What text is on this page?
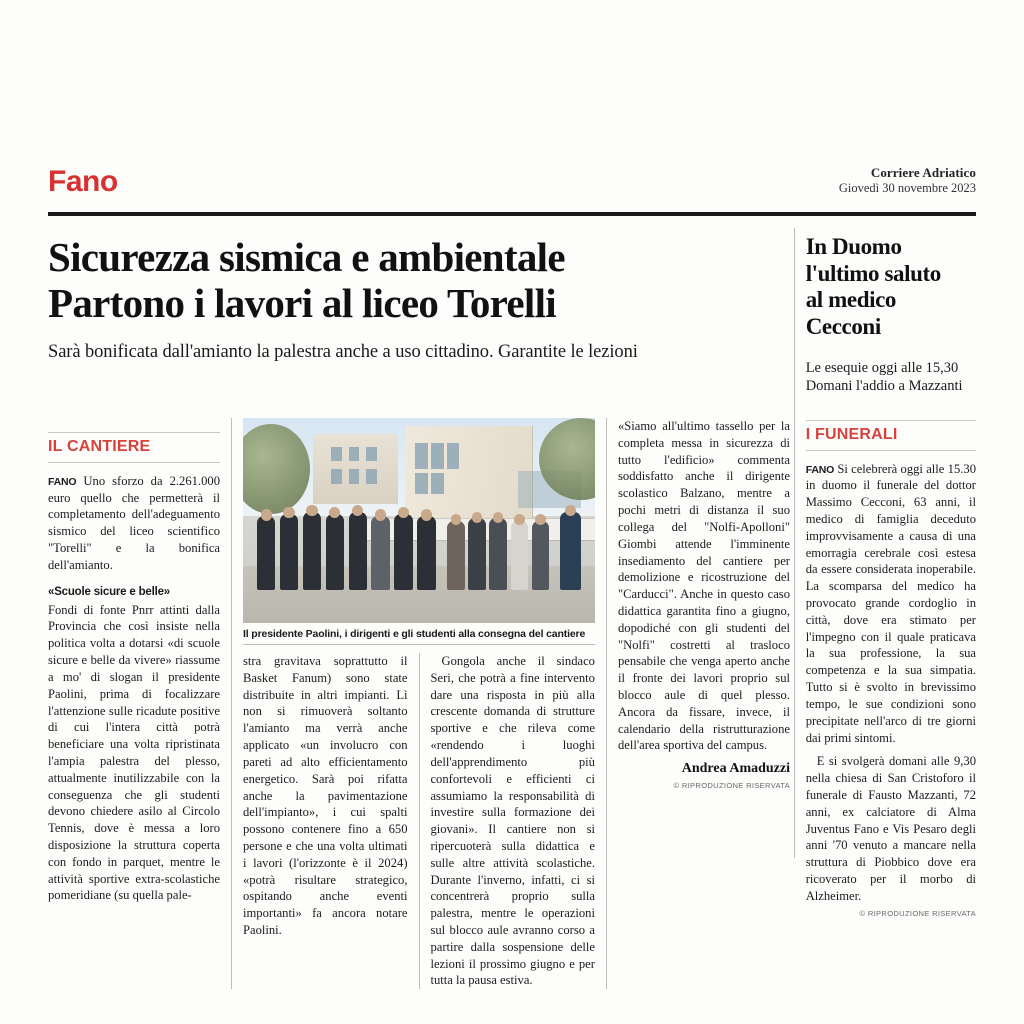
Fano	Corriere Adriatico
Giovedì 30 novembre 2023
Sicurezza sismica e ambientale
Partono i lavori al liceo Torelli
Sarà bonificata dall'amianto la palestra anche a uso cittadino. Garantite le lezioni
IL CANTIERE

FANO Uno sforzo da 2.261.000 euro quello che permetterà il completamento dell'adeguamento sismico del liceo scientifico "Torelli" e la bonifica dell'amianto.

«Scuole sicure e belle»

Fondi di fonte Pnrr attinti dalla Provincia che così insiste nella politica volta a dotarsi «di scuole sicure e belle da vivere» riassume a mo' di slogan il presidente Paolini, prima di focalizzare l'attenzione sulle ricadute positive di cui l'intera città potrà beneficiare una volta ripristinata l'ampia palestra del plesso, attualmente inutilizzabile con la conseguenza che gli studenti devono chiedere asilo al Circolo Tennis, dove è messa a loro disposizione la struttura coperta con fondo in parquet, mentre le attività sportive extra-scolastiche pomeridiane (su quella pale-

Il presidente Paolini, i dirigenti e gli studenti alla consegna del cantiere

stra gravitava soprattutto il Basket Fanum) sono state distribuite in altri impianti. Lì non si rimuoverà soltanto l'amianto ma verrà anche applicato «un involucro con pareti ad alto efficientamento energetico. Sarà poi rifatta anche la pavimentazione dell'impianto», i cui spalti possono contenere fino a 650 persone e che una volta ultimati i lavori (l'orizzonte è il 2024) «potrà risultare strategico, ospitando anche eventi importanti» fa ancora notare Paolini.

Gongola anche il sindaco Seri, che potrà a fine intervento dare una risposta in più alla crescente domanda di strutture sportive e che rileva come «rendendo i luoghi dell'apprendimento più confortevoli e efficienti ci assumiamo la responsabilità di investire sulla formazione dei giovani». Il cantiere non si ripercuoterà sulla didattica e sulle altre attività scolastiche. Durante l'inverno, infatti, ci si concentrerà proprio sulla palestra, mentre le operazioni sul blocco aule avranno corso a partire dalla sospensione delle lezioni il prossimo giugno e per tutta la pausa estiva.

«Siamo all'ultimo tassello per la completa messa in sicurezza di tutto l'edificio» commenta soddisfatto anche il dirigente scolastico Balzano, mentre a pochi metri di distanza il suo collega del "Nolfi-Apolloni" Giombi attende l'imminente insediamento del cantiere per demolizione e ricostruzione del "Carducci". Anche in questo caso didattica garantita fino a giugno, dopodiché con gli studenti del "Nolfi" costretti al trasloco pensabile che venga aperto anche il fronte dei lavori proprio sul blocco aule di quel plesso. Ancora da fissare, invece, il calendario della ristrutturazione dell'area sportiva del campus.

Andrea Amaduzzi
© RIPRODUZIONE RISERVATA
In Duomo
l'ultimo saluto
al medico
Cecconi
Le esequie oggi alle 15,30
Domani l'addio a Mazzanti
I FUNERALI

FANO Si celebrerà oggi alle 15.30 in duomo il funerale del dottor Massimo Cecconi, 63 anni, il medico di famiglia deceduto improvvisamente a causa di una emorragia cerebrale così estesa da essere considerata inoperabile. La scomparsa del medico ha provocato grande cordoglio in città, dove era stimato per l'impegno con il quale praticava la sua professione, la sua competenza e la sua simpatia. Tutto si è svolto in brevissimo tempo, le sue condizioni sono precipitate nell'arco di tre giorni dai primi sintomi.

E si svolgerà domani alle 9,30 nella chiesa di San Cristoforo il funerale di Fausto Mazzanti, 72 anni, ex calciatore di Alma Juventus Fano e Vis Pesaro degli anni '70 venuto a mancare nella struttura di Piobbico dove era ricoverato per il morbo di Alzheimer.

© RIPRODUZIONE RISERVATA
